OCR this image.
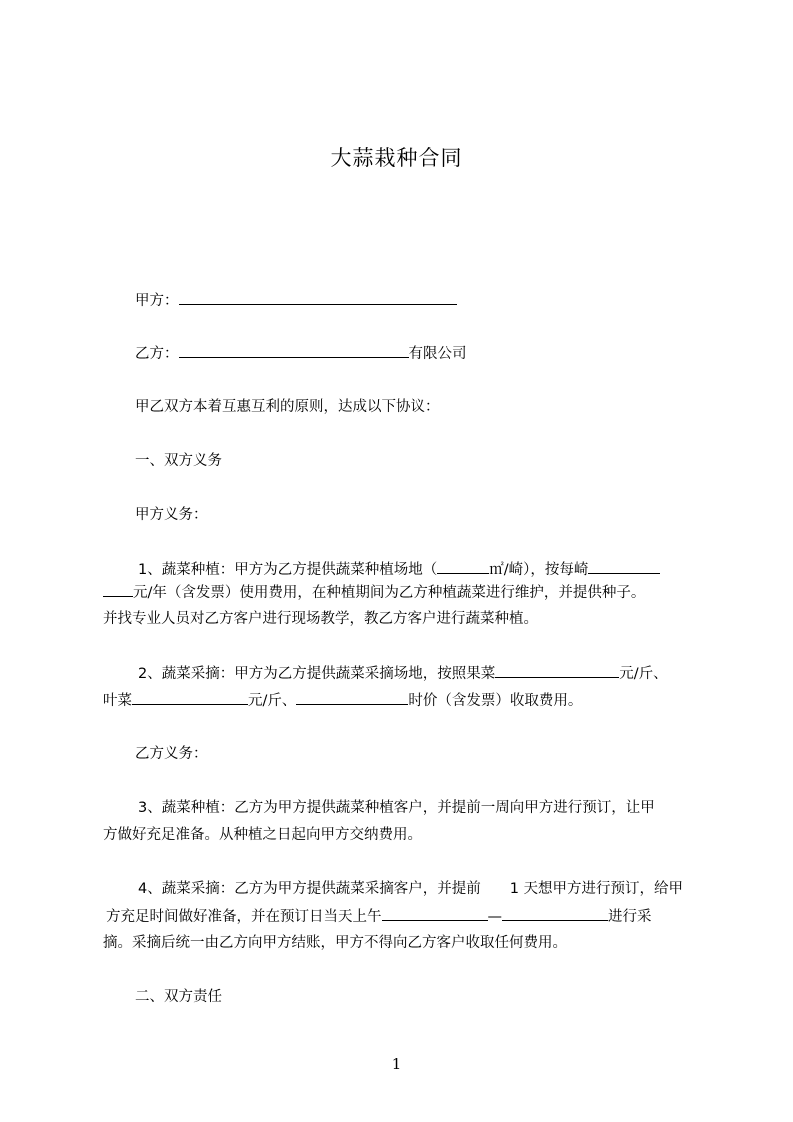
大蒜栽种合同

甲方：

乙方：	有限公司

甲乙双方本着互惠互利的原则，达成以下协议：

一、双方义务

甲方义务：

1、蔬菜种植：甲方为乙方提供蔬菜种植场地（	㎡/崎），按每崎

元/年（含发票）使用费用，在种植期间为乙方种植蔬菜进行维护，并提供种子。

并找专业人员对乙方客户进行现场教学，教乙方客户进行蔬菜种植。

2、蔬菜采摘：甲方为乙方提供蔬菜采摘场地，按照果菜	元/斤、

叶菜	元/斤、	时价（含发票）收取费用。

乙方义务：

3、蔬菜种植：乙方为甲方提供蔬菜种植客户，并提前一周向甲方进行预订，让甲

方做好充足准备。从种植之日起向甲方交纳费用。

4、蔬菜采摘：乙方为甲方提供蔬菜采摘客户，并提前　　1 天想甲方进行预订，给甲

方充足时间做好准备，并在预订日当天上午	—	进行采

摘。采摘后统一由乙方向甲方结账，甲方不得向乙方客户收取任何费用。

二、双方责任

1
